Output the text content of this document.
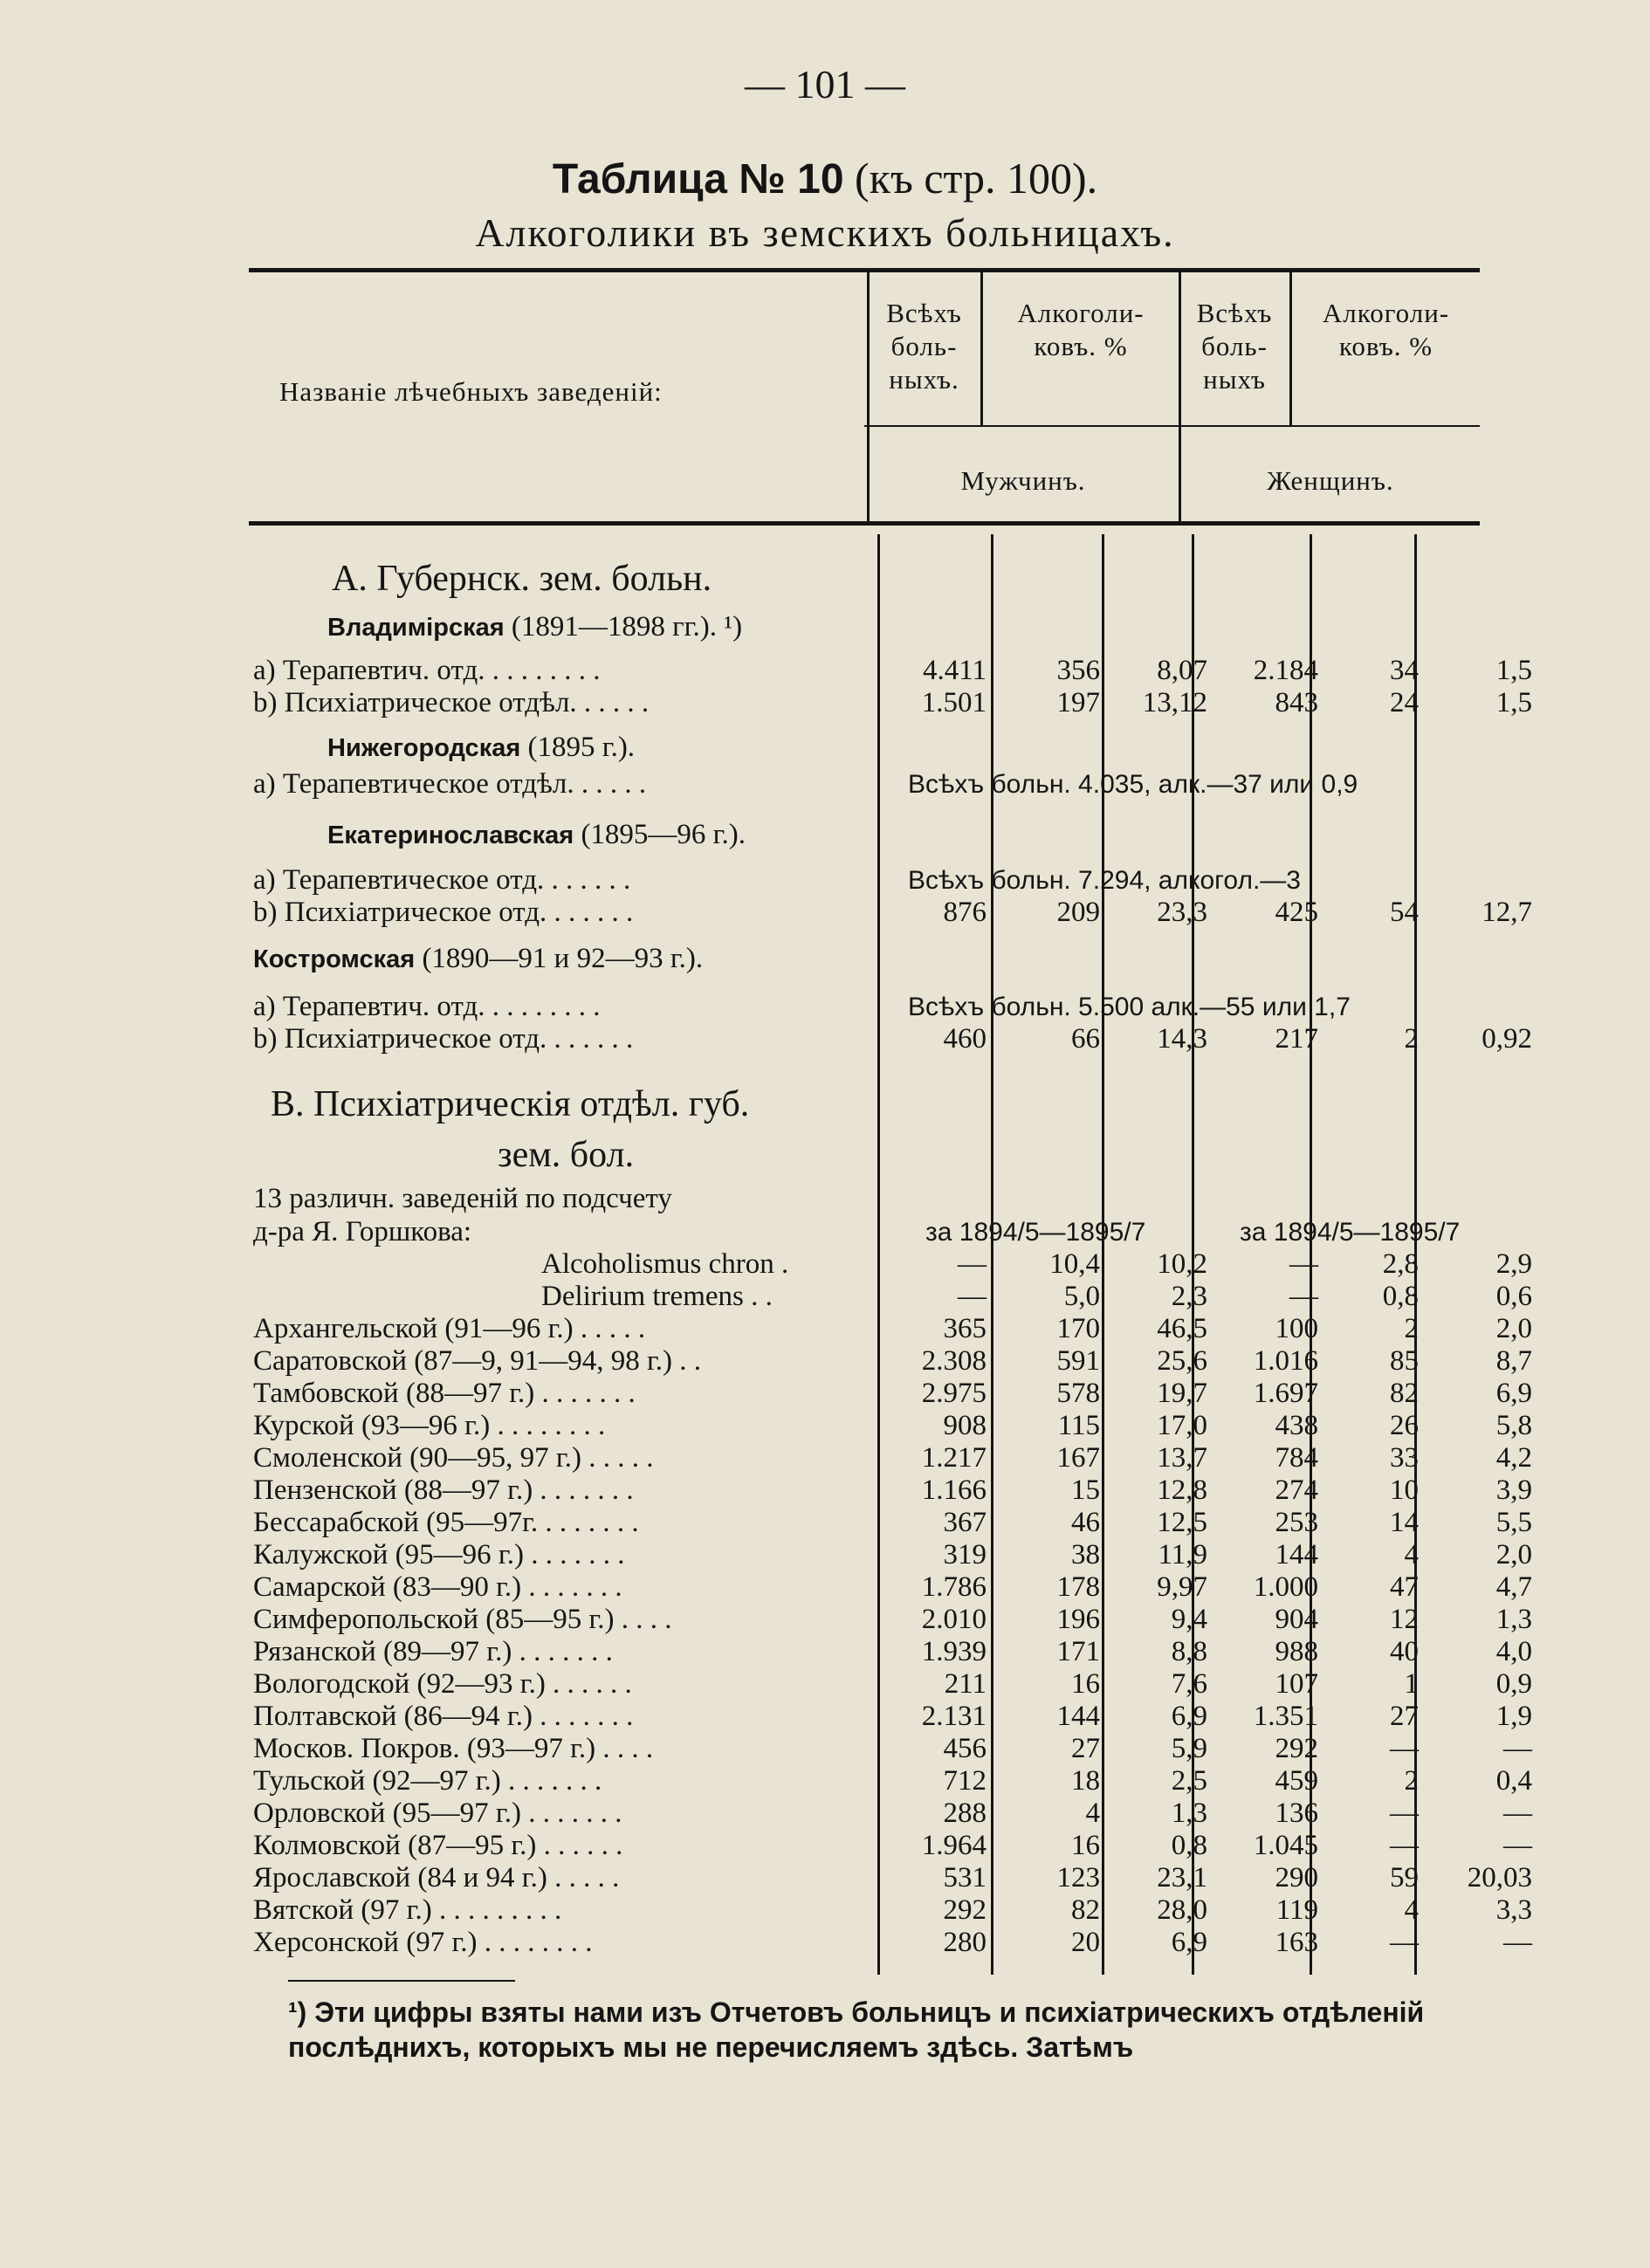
— 101 —
Таблица № 10 (къ стр. 100).
Алкоголики въ земскихъ больницахъ.
Названіе лѣчебныхъ заведеній:
Всѣхъ боль- ныхъ.
Алкоголи- ковъ. %
Всѣхъ боль- ныхъ
Алкоголи- ковъ. %
Мужчинъ.	Женщинъ.
А. Губернск. зем. больн.
В. Психіатрическія отдѣл. губ.
зем. бол.
Владимірская (1891—1898 гг.). ¹)
a) Терапевтич. отд. . . . . . . . .	4.411	356	8,07	2.184	34	1,5
b) Психіатрическое отдѣл. . . . . .	1.501	197	13,12	843	24	1,5
Нижегородская (1895 г.).
a) Терапевтическое отдѣл. . . . . .	Всѣхъ больн. 4.035, алк.—37 или 0,9
Екатеринославская (1895—96 г.).
a) Терапевтическое отд. . . . . . .	Всѣхъ больн. 7.294, алкогол.—3
b) Психіатрическое отд. . . . . . .	876	209	23,3	425	54	12,7
Костромская (1890—91 и 92—93 г.).
a) Терапевтич. отд. . . . . . . . .	Всѣхъ больн. 5.500 алк.—55 или 1,7
b) Психіатрическое отд. . . . . . .	460	66	14,3	217	2	0,92
13 различн. заведеній по подсчету
д-ра Я. Горшкова:	за 1894/5—1895/7	за 1894/5—1895/7
Alcoholismus chron .	—	10,4	10,2	—	2,8	2,9
Delirium tremens . .	—	5,0	2,3	—	0,8	0,6
Архангельской (91—96 г.) . . . . .	365	170	46,5	100	2	2,0
Саратовской (87—9, 91—94, 98 г.) . .	2.308	591	25,6	1.016	85	8,7
Тамбовской (88—97 г.) . . . . . . .	2.975	578	19,7	1.697	82	6,9
Курской (93—96 г.) . . . . . . . .	908	115	17,0	438	26	5,8
Смоленской (90—95, 97 г.) . . . . .	1.217	167	13,7	784	33	4,2
Пензенской (88—97 г.) . . . . . . .	1.166	15	12,8	274	10	3,9
Бессарабской (95—97г. . . . . . . .	367	46	12,5	253	14	5,5
Калужской (95—96 г.) . . . . . . .	319	38	11,9	144	4	2,0
Самарской (83—90 г.) . . . . . . .	1.786	178	9,97	1.000	47	4,7
Симферопольской (85—95 г.) . . . .	2.010	196	9,4	904	12	1,3
Рязанской (89—97 г.) . . . . . . .	1.939	171	8,8	988	40	4,0
Вологодской (92—93 г.) . . . . . .	211	16	7,6	107	1	0,9
Полтавской (86—94 г.) . . . . . . .	2.131	144	6,9	1.351	27	1,9
Москов. Покров. (93—97 г.) . . . .	456	27	5,9	292	—	—
Тульской (92—97 г.) . . . . . . .	712	18	2,5	459	2	0,4
Орловской (95—97 г.) . . . . . . .	288	4	1,3	136	—	—
Колмовской (87—95 г.) . . . . . .	1.964	16	0,8	1.045	—	—
Ярославской (84 и 94 г.) . . . . .	531	123	23,1	290	59	20,03
Вятской (97 г.) . . . . . . . . .	292	82	28,0	119	4	3,3
Херсонской (97 г.) . . . . . . . .	280	20	6,9	163	—	—
¹) Эти цифры взяты нами изъ Отчетовъ больницъ и психіатрическихъ отдѣленій послѣднихъ, которыхъ мы не перечисляемъ здѣсь. Затѣмъ
